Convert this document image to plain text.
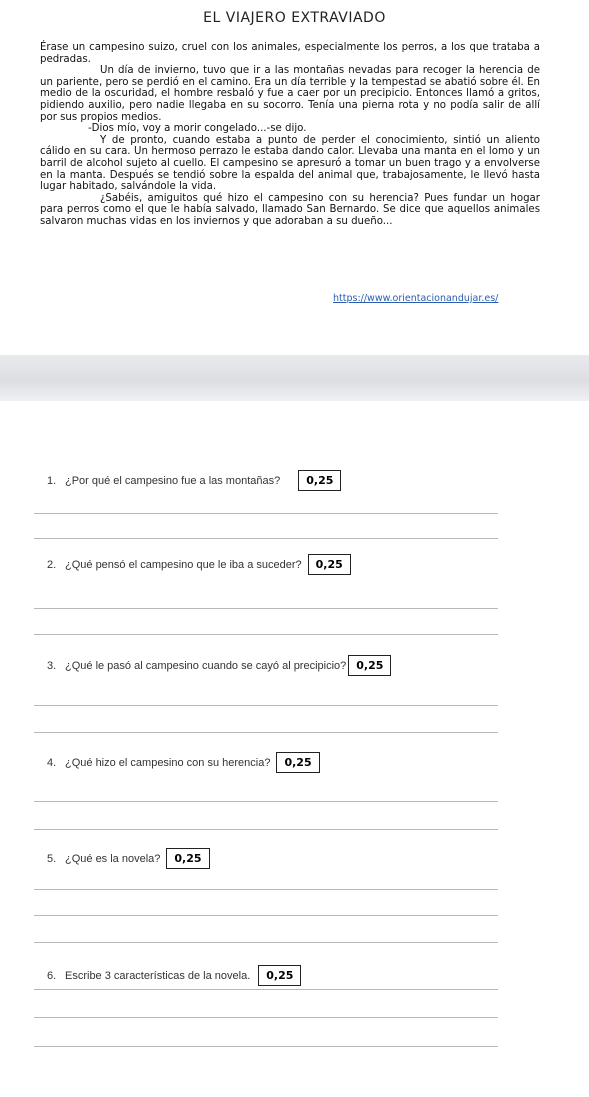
EL VIAJERO EXTRAVIADO

Érase un campesino suizo, cruel con los animales, especialmente los perros, a los que trataba a pedradas.

Un día de invierno, tuvo que ir a las montañas nevadas para recoger la herencia de un pariente, pero se perdió en el camino. Era un día terrible y la tempestad se abatió sobre él. En medio de la oscuridad, el hombre resbaló y fue a caer por un precipicio. Entonces llamó a gritos, pidiendo auxilio, pero nadie llegaba en su socorro. Tenía una pierna rota y no podía salir de allí por sus propios medios.

-Dios mío, voy a morir congelado...-se dijo.

Y de pronto, cuando estaba a punto de perder el conocimiento, sintió un aliento cálido en su cara. Un hermoso perrazo le estaba dando calor. Llevaba una manta en el lomo y un barril de alcohol sujeto al cuello. El campesino se apresuró a tomar un buen trago y a envolverse en la manta. Después se tendió sobre la espalda del animal que, trabajosamente, le llevó hasta lugar habitado, salvándole la vida.

¿Sabéis, amiguitos qué hizo el campesino con su herencia? Pues fundar un hogar para perros como el que le había salvado, llamado San Bernardo. Se dice que aquellos animales salvaron muchas vidas en los inviernos y que adoraban a su dueño...

https://www.orientacionandujar.es/
1. ¿Por qué el campesino fue a las montañas?	0,25
2. ¿Qué pensó el campesino que le iba a suceder?	0,25
3. ¿Qué le pasó al campesino cuando se cayó al precipicio? 0,25
4. ¿Qué hizo el campesino con su herencia?	0,25
5. ¿Qué es la novela?	0,25
6. Escribe 3 características de la novela.	0,25
